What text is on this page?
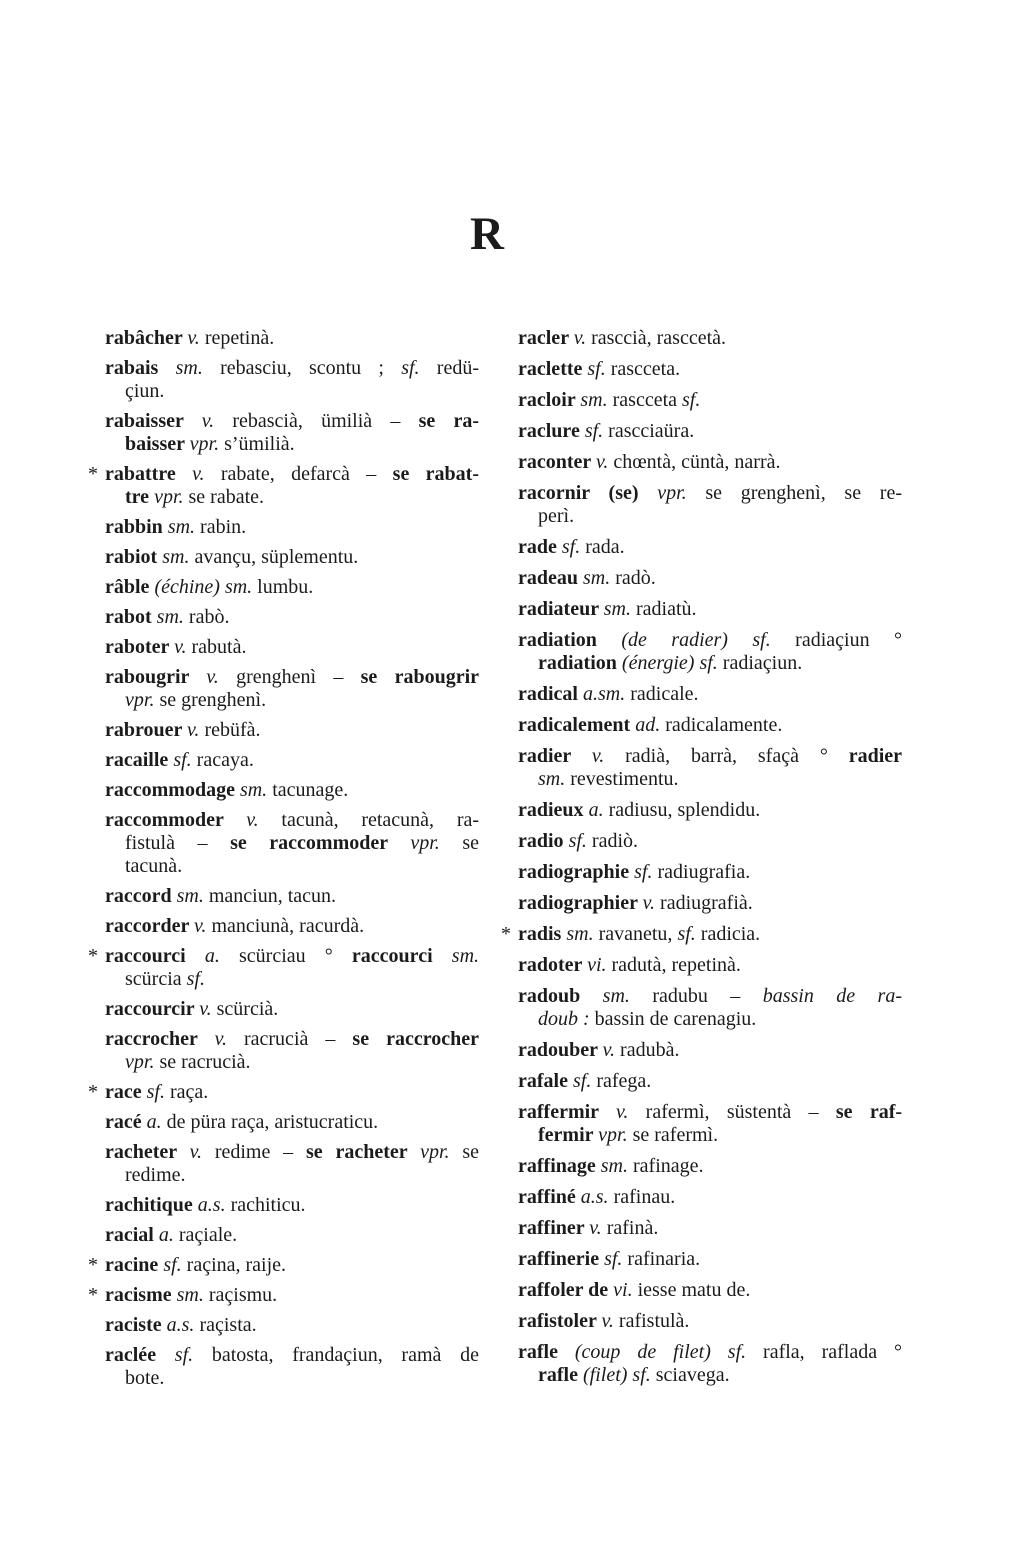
R
rabâcher v. repetinà.
rabais sm. rebasciu, scontu ; sf. redü-
çiun.
rabaisser v. rebascià, ümilià – se ra-
baisser vpr. s’ümilià.
* rabattre v. rabate, defarcà – se rabat-
tre vpr. se rabate.
rabbin sm. rabin.
rabiot sm. avançu, süplementu.
râble (échine) sm. lumbu.
rabot sm. rabò.
raboter v. rabutà.
rabougrir v. grenghenì – se rabougrir
vpr. se grenghenì.
rabrouer v. rebüfà.
racaille sf. racaya.
raccommodage sm. tacunage.
raccommoder v. tacunà, retacunà, ra-
fistulà – se raccommoder vpr. se
tacunà.
raccord sm. manciun, tacun.
raccorder v. manciunà, racurdà.
* raccourci a. scürciau ° raccourci sm.
scürcia sf.
raccourcir v. scürcià.
raccrocher v. racrucià – se raccrocher
vpr. se racrucià.
* race sf. raça.
racé a. de püra raça, aristucraticu.
racheter v. redime – se racheter vpr. se
redime.
rachitique a.s. rachiticu.
racial a. raçiale.
* racine sf. raçina, raije.
* racisme sm. raçismu.
raciste a.s. raçista.
raclée sf. batosta, frandaçiun, ramà de
bote.
racler v. rasccià, rasccetà.
raclette sf. rascceta.
racloir sm. rascceta sf.
raclure sf. rascciaüra.
raconter v. chœntà, cüntà, narrà.
racornir (se) vpr. se grenghenì, se re-
perì.
rade sf. rada.
radeau sm. radò.
radiateur sm. radiatù.
radiation (de radier) sf. radiaçiun °
radiation (énergie) sf. radiaçiun.
radical a.sm. radicale.
radicalement ad. radicalamente.
radier v. radià, barrà, sfaçà ° radier
sm. revestimentu.
radieux a. radiusu, splendidu.
radio sf. radiò.
radiographie sf. radiugrafia.
radiographier v. radiugrafià.
* radis sm. ravanetu, sf. radicia.
radoter vi. radutà, repetinà.
radoub sm. radubu – bassin de ra-
doub : bassin de carenagiu.
radouber v. radubà.
rafale sf. rafega.
raffermir v. rafermì, süstentà – se raf-
fermir vpr. se rafermì.
raffinage sm. rafinage.
raffiné a.s. rafinau.
raffiner v. rafinà.
raffinerie sf. rafinaria.
raffoler de vi. iesse matu de.
rafistoler v. rafistulà.
rafle (coup de filet) sf. rafla, raflada °
rafle (filet) sf. sciavega.
